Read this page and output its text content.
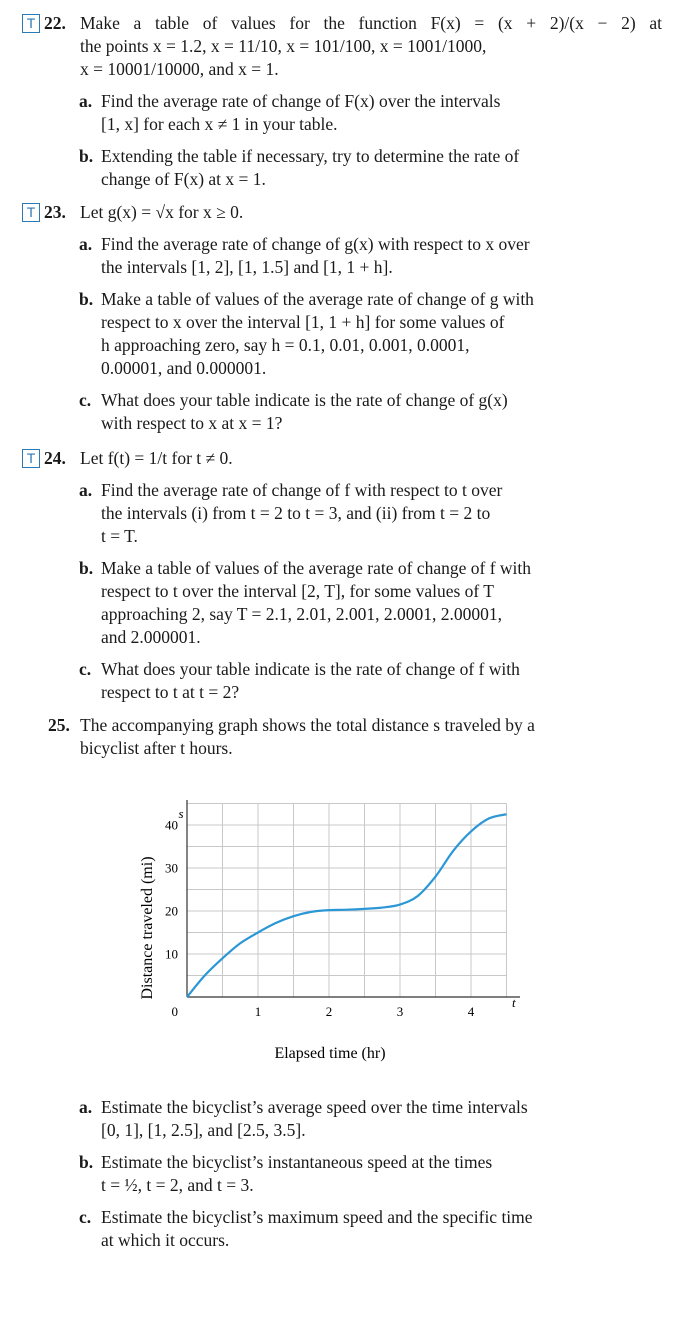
T 22. Make a table of values for the function F(x) = (x + 2)/(x − 2) at
the points x = 1.2, x = 11/10, x = 101/100, x = 1001/1000,
x = 10001/10000, and x = 1.
a. Find the average rate of change of F(x) over the intervals
[1, x] for each x ≠ 1 in your table.
b. Extending the table if necessary, try to determine the rate of
change of F(x) at x = 1.
T 23. Let g(x) = √x for x ≥ 0.
a. Find the average rate of change of g(x) with respect to x over
the intervals [1, 2], [1, 1.5] and [1, 1 + h].
b. Make a table of values of the average rate of change of g with
respect to x over the interval [1, 1 + h] for some values of
h approaching zero, say h = 0.1, 0.01, 0.001, 0.0001,
0.00001, and 0.000001.
c. What does your table indicate is the rate of change of g(x)
with respect to x at x = 1?
T 24. Let f(t) = 1/t for t ≠ 0.
a. Find the average rate of change of f with respect to t over
the intervals (i) from t = 2 to t = 3, and (ii) from t = 2 to
t = T.
b. Make a table of values of the average rate of change of f with
respect to t over the interval [2, T], for some values of T
approaching 2, say T = 2.1, 2.01, 2.001, 2.0001, 2.00001,
and 2.000001.
c. What does your table indicate is the rate of change of f with
respect to t at t = 2?
25. The accompanying graph shows the total distance s traveled by a
bicyclist after t hours.
1	2	3	4
0
10
20
30
40
Elapsed time (hr)
Distance traveled (mi)
t
s
a. Estimate the bicyclist’s average speed over the time intervals
[0, 1], [1, 2.5], and [2.5, 3.5].
b. Estimate the bicyclist’s instantaneous speed at the times
t = ½, t = 2, and t = 3.
c. Estimate the bicyclist’s maximum speed and the specific time
at which it occurs.
